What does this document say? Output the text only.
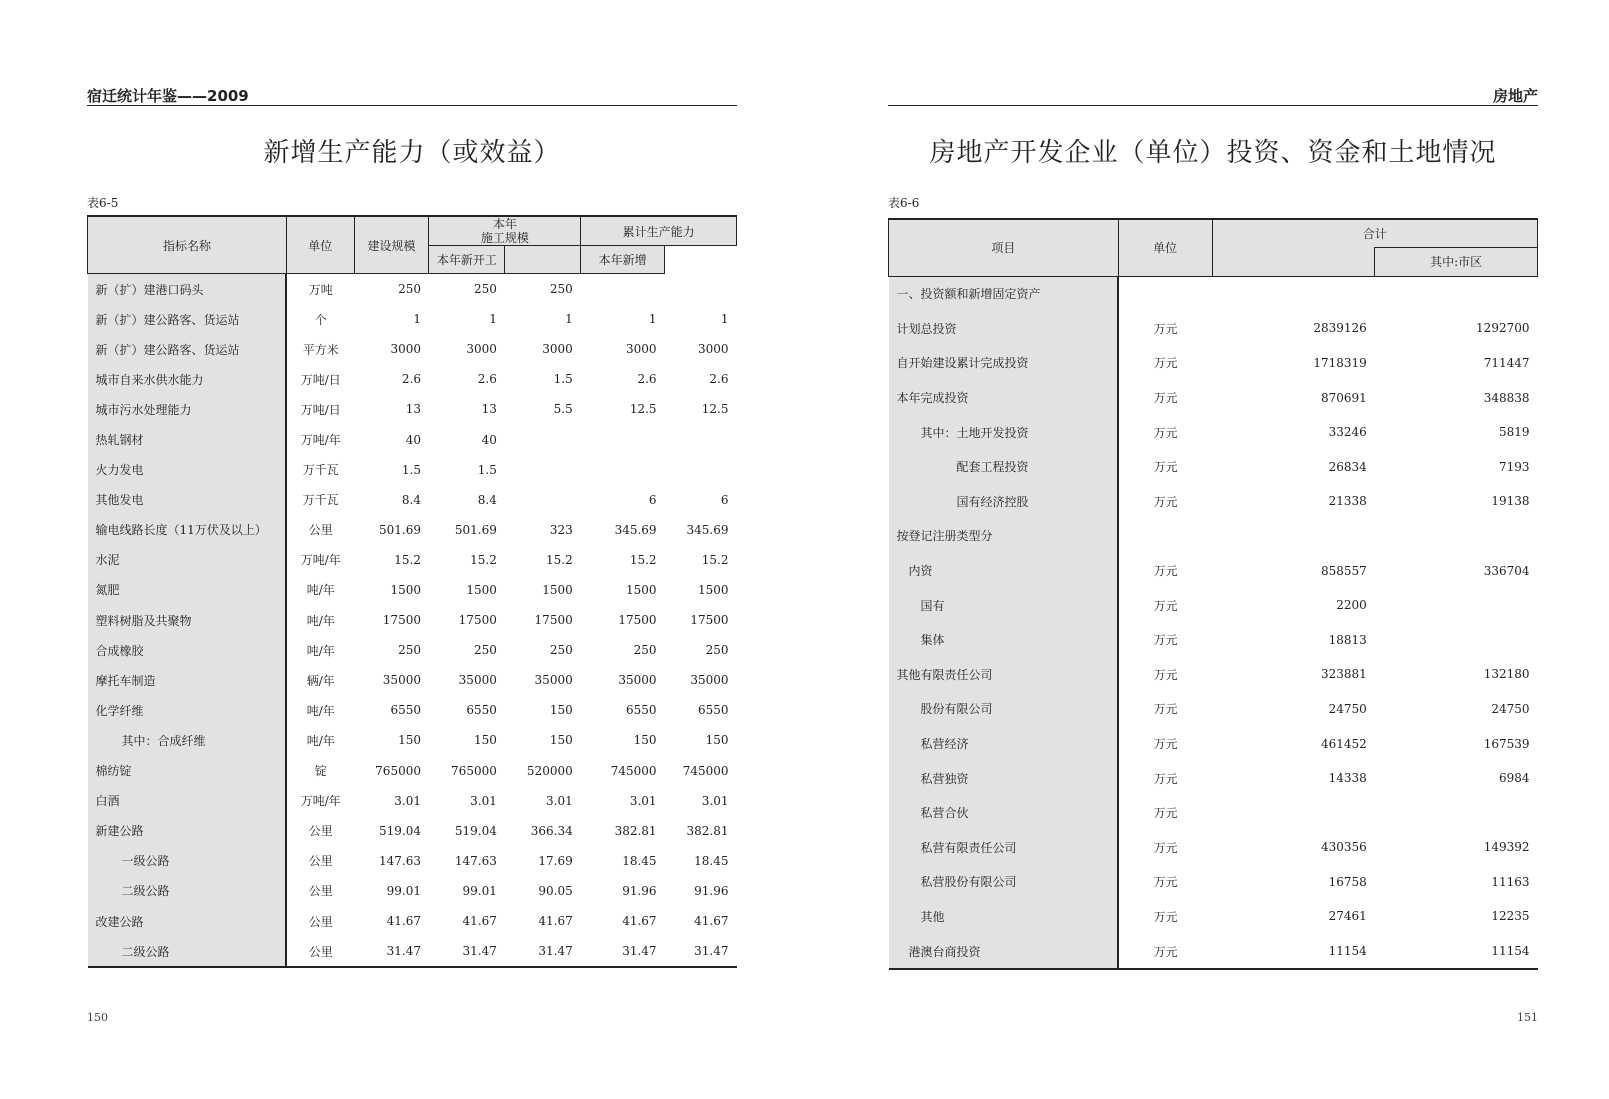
宿迁统计年鉴——2009
新增生产能力（或效益）
表6-5
指标名称	单位	建设规模	本年
施工规模		累计生产能力	
			本年新开工		本年新增	
新（扩）建港口码头	万吨	250	250	250		
新（扩）建公路客、货运站	个	1	1	1	1	1
新（扩）建公路客、货运站	平方米	3000	3000	3000	3000	3000
城市自来水供水能力	万吨/日	2.6	2.6	1.5	2.6	2.6
城市污水处理能力	万吨/日	13	13	5.5	12.5	12.5
热轧钢材	万吨/年	40	40			
火力发电	万千瓦	1.5	1.5			
其他发电	万千瓦	8.4	8.4		6	6
输电线路长度（11万伏及以上）	公里	501.69	501.69	323	345.69	345.69
水泥	万吨/年	15.2	15.2	15.2	15.2	15.2
氮肥	吨/年	1500	1500	1500	1500	1500
塑料树脂及共聚物	吨/年	17500	17500	17500	17500	17500
合成橡胶	吨/年	250	250	250	250	250
摩托车制造	辆/年	35000	35000	35000	35000	35000
化学纤维	吨/年	6550	6550	150	6550	6550
其中：合成纤维	吨/年	150	150	150	150	150
棉纺锭	锭	765000	765000	520000	745000	745000
白酒	万吨/年	3.01	3.01	3.01	3.01	3.01
新建公路	公里	519.04	519.04	366.34	382.81	382.81
一级公路	公里	147.63	147.63	17.69	18.45	18.45
二级公路	公里	99.01	99.01	90.05	91.96	91.96
改建公路	公里	41.67	41.67	41.67	41.67	41.67
二级公路	公里	31.47	31.47	31.47	31.47	31.47
150
房地产
房地产开发企业（单位）投资、资金和土地情况
表6-6
项目	单位	合计	
			其中:市区
一、投资额和新增固定资产			
计划总投资	万元	2839126	1292700
自开始建设累计完成投资	万元	1718319	711447
本年完成投资	万元	870691	348838
其中：土地开发投资	万元	33246	5819
配套工程投资	万元	26834	7193
国有经济控股	万元	21338	19138
按登记注册类型分			
内资	万元	858557	336704
国有	万元	2200	
集体	万元	18813	
其他有限责任公司	万元	323881	132180
股份有限公司	万元	24750	24750
私营经济	万元	461452	167539
私营独资	万元	14338	6984
私营合伙	万元		
私营有限责任公司	万元	430356	149392
私营股份有限公司	万元	16758	11163
其他	万元	27461	12235
港澳台商投资	万元	11154	11154
151
